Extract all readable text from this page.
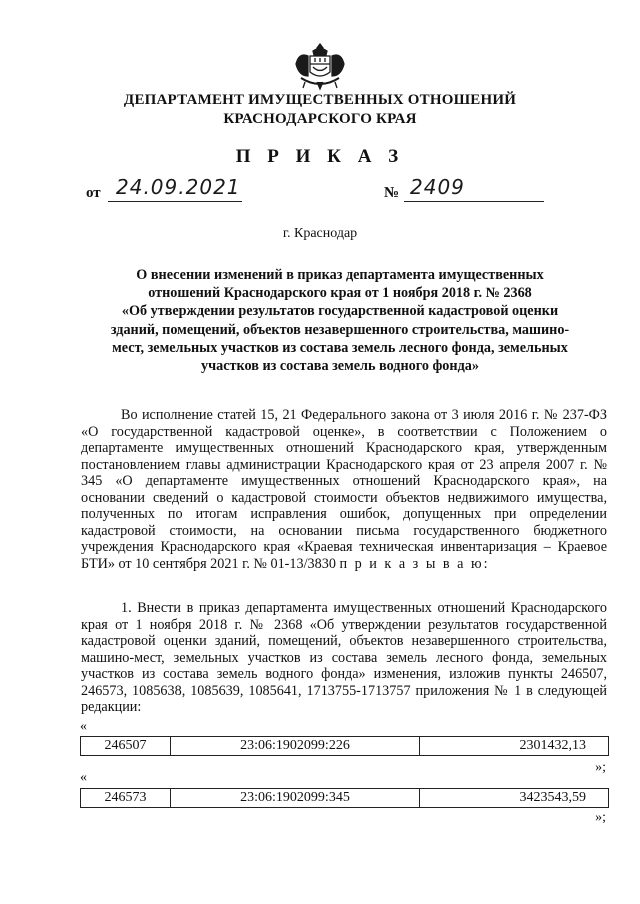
ДЕПАРТАМЕНТ ИМУЩЕСТВЕННЫХ ОТНОШЕНИЙ
КРАСНОДАРСКОГО КРАЯ
П Р И К А З
от 24.09.2021	№ 2409
г. Краснодар
О внесении изменений в приказ департамента имущественных
отношений Краснодарского края от 1 ноября 2018 г. № 2368
«Об утверждении результатов государственной кадастровой оценки
зданий, помещений, объектов незавершенного строительства, машино-
мест, земельных участков из состава земель лесного фонда, земельных
участков из состава земель водного фонда»
Во исполнение статей 15, 21 Федерального закона от 3 июля 2016 г. № 237-ФЗ «О государственной кадастровой оценке», в соответствии с Положением о департаменте имущественных отношений Краснодарского края, утвержденным постановлением главы администрации Краснодарского края от 23 апреля 2007 г. № 345 «О департаменте имущественных отношений Краснодарского края», на основании сведений о кадастровой стоимости объектов недвижимого имущества, полученных по итогам исправления ошибок, допущенных при определении кадастровой стоимости, на основании письма государственного бюджетного учреждения Краснодарского края «Краевая техническая инвентаризация – Краевое БТИ» от 10 сентября 2021 г. № 01-13/3830 п р и к а з ы в а ю:
1. Внести в приказ департамента имущественных отношений Краснодарского края от 1 ноября 2018 г. № 2368 «Об утверждении результатов государственной кадастровой оценки зданий, помещений, объектов незавершенного строительства, машино-мест, земельных участков из состава земель лесного фонда, земельных участков из состава земель водного фонда» изменения, изложив пункты 246507, 246573, 1085638, 1085639, 1085641, 1713755-1713757 приложения № 1 в следующей редакции:
«
246507	23:06:1902099:226	2301432,13
»;
«
246573	23:06:1902099:345	3423543,59
»;
